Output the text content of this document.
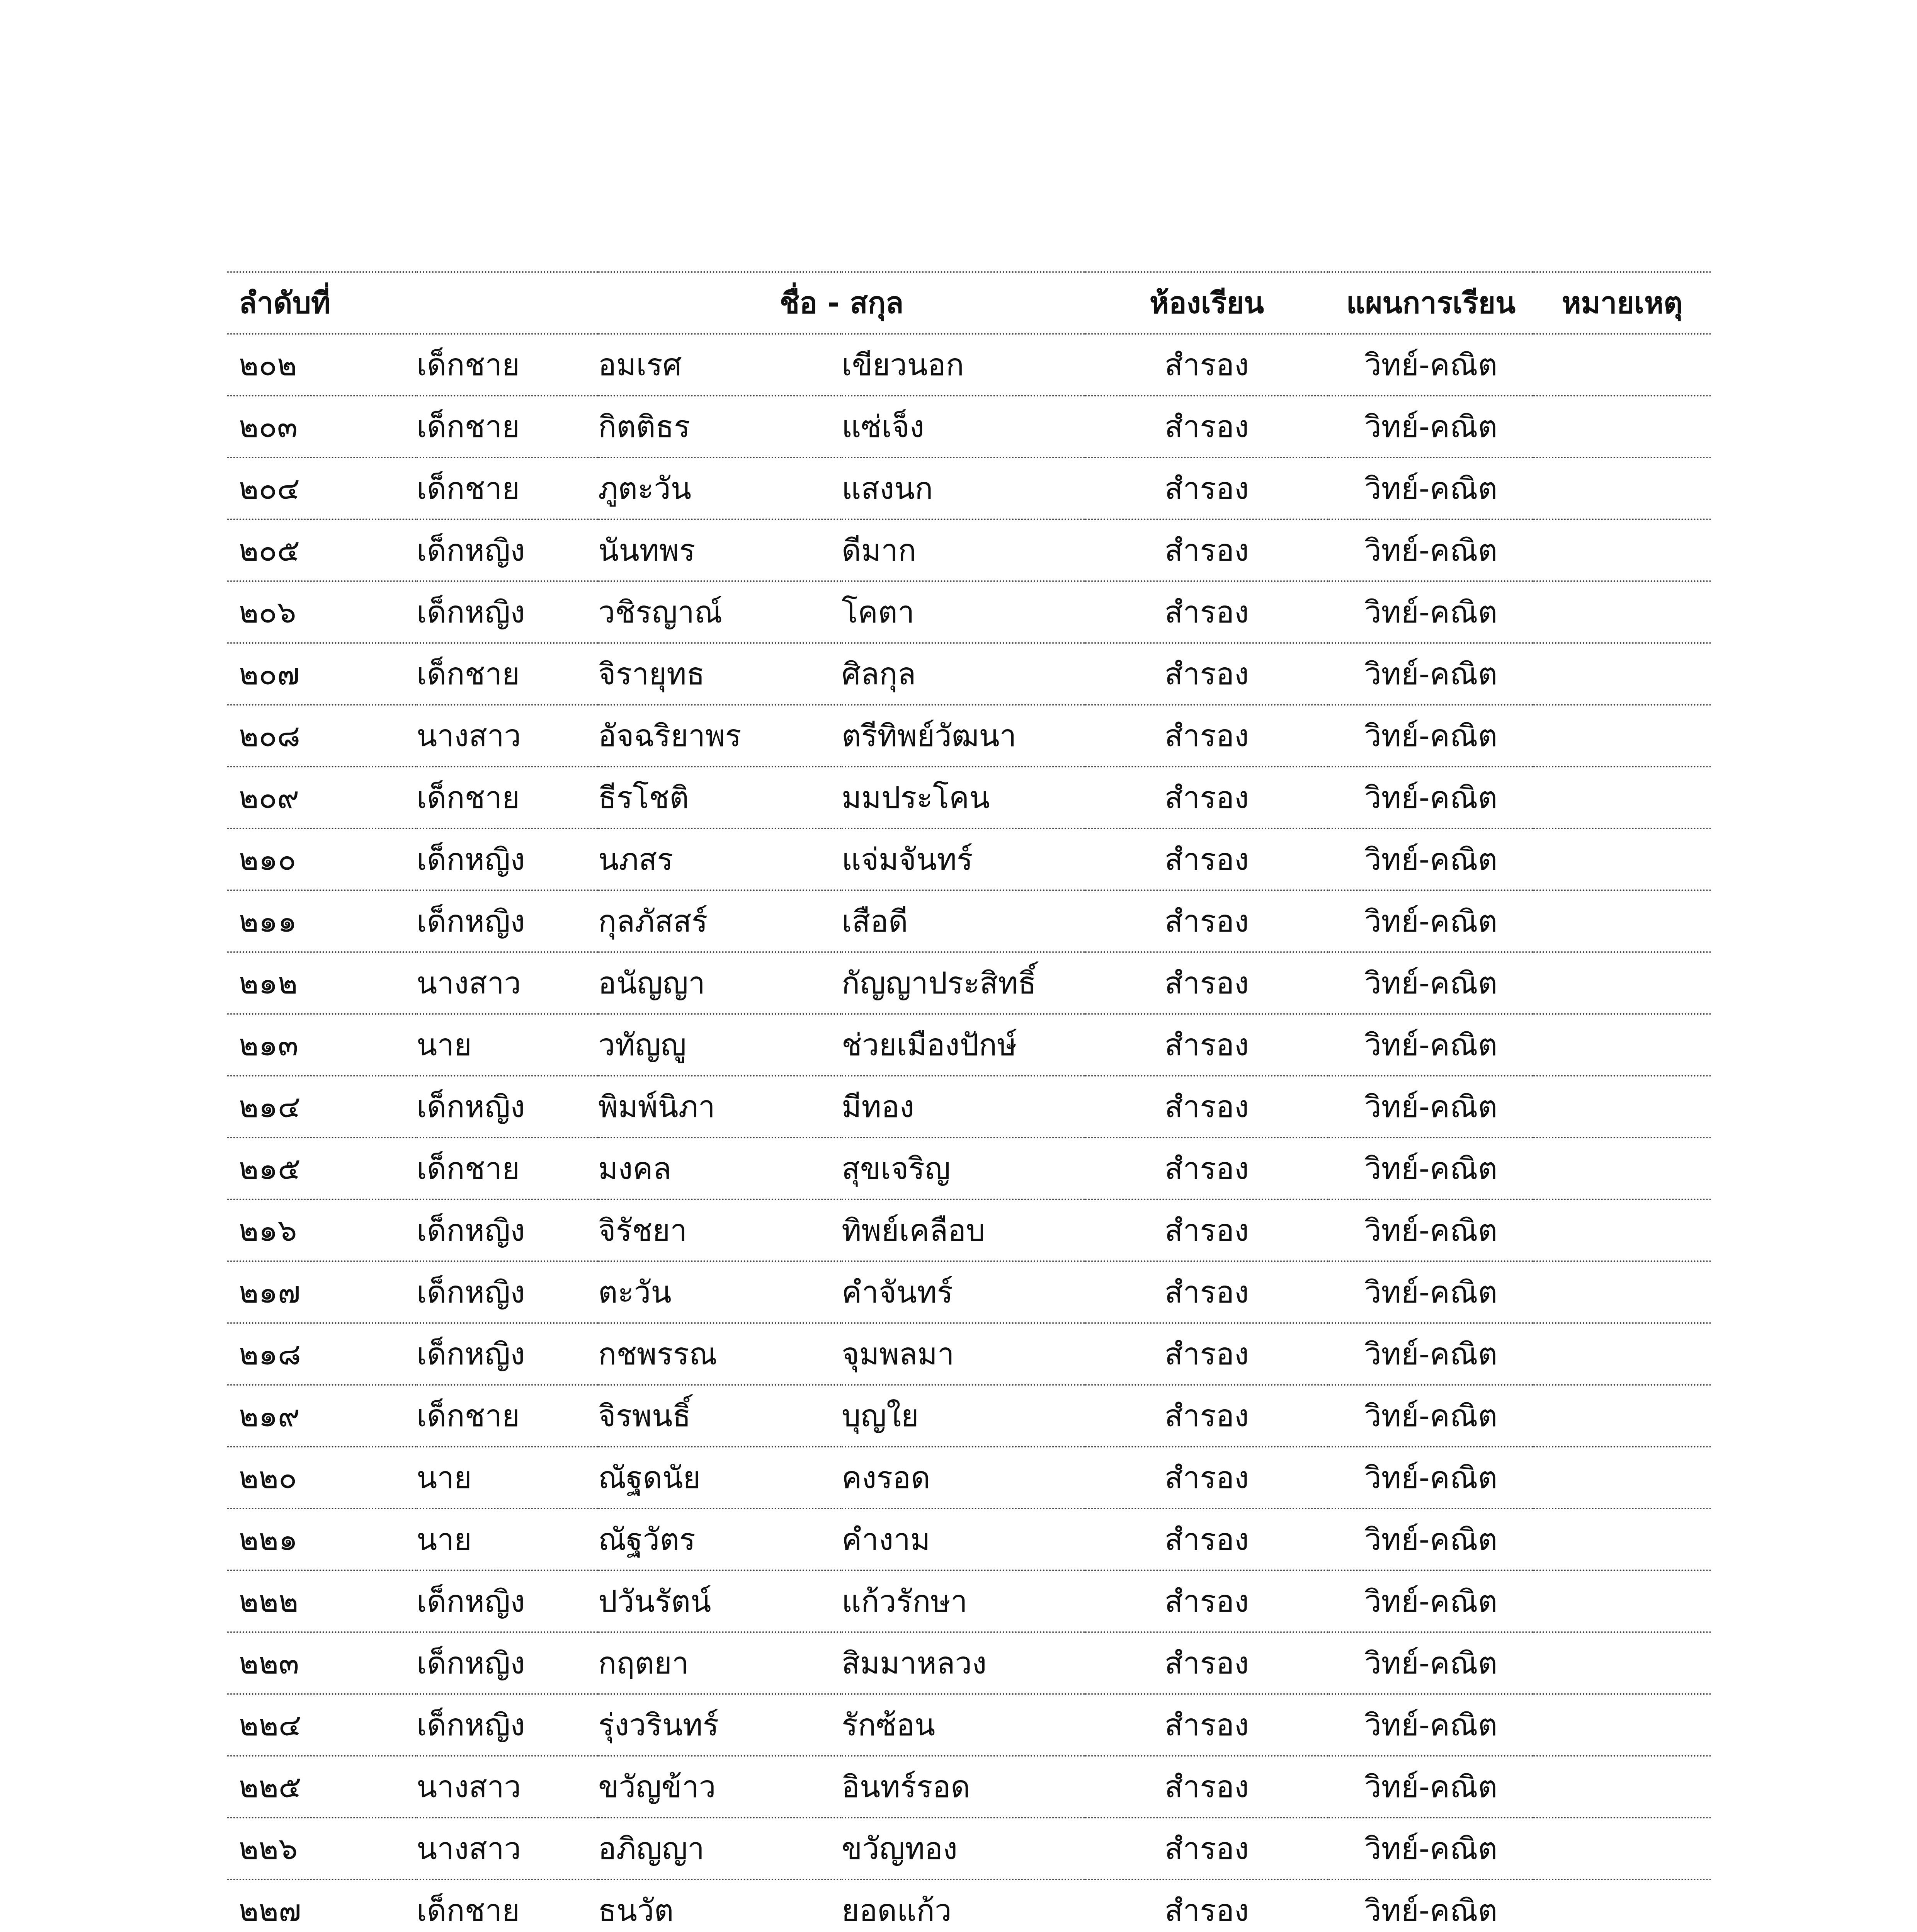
ลำดับที่		ชื่อ - สกุล		ห้องเรียน	แผนการเรียน	หมายเหตุ
๒๐๒	เด็กชาย	อมเรศ	เขียวนอก	สำรอง	วิทย์-คณิต	
๒๐๓	เด็กชาย	กิตติธร	แซ่เจ็ง	สำรอง	วิทย์-คณิต	
๒๐๔	เด็กชาย	ภูตะวัน	แสงนก	สำรอง	วิทย์-คณิต	
๒๐๕	เด็กหญิง	นันทพร	ดีมาก	สำรอง	วิทย์-คณิต	
๒๐๖	เด็กหญิง	วชิรญาณ์	โคตา	สำรอง	วิทย์-คณิต	
๒๐๗	เด็กชาย	จิรายุทธ	ศิลกุล	สำรอง	วิทย์-คณิต	
๒๐๘	นางสาว	อัจฉริยาพร	ตรีทิพย์วัฒนา	สำรอง	วิทย์-คณิต	
๒๐๙	เด็กชาย	ธีรโชติ	มมประโคน	สำรอง	วิทย์-คณิต	
๒๑๐	เด็กหญิง	นภสร	แจ่มจันทร์	สำรอง	วิทย์-คณิต	
๒๑๑	เด็กหญิง	กุลภัสสร์	เสือดี	สำรอง	วิทย์-คณิต	
๒๑๒	นางสาว	อนัญญา	กัญญาประสิทธิ์	สำรอง	วิทย์-คณิต	
๒๑๓	นาย	วทัญญู	ช่วยเมืองปักษ์	สำรอง	วิทย์-คณิต	
๒๑๔	เด็กหญิง	พิมพ์นิภา	มีทอง	สำรอง	วิทย์-คณิต	
๒๑๕	เด็กชาย	มงคล	สุขเจริญ	สำรอง	วิทย์-คณิต	
๒๑๖	เด็กหญิง	จิรัชยา	ทิพย์เคลือบ	สำรอง	วิทย์-คณิต	
๒๑๗	เด็กหญิง	ตะวัน	คำจันทร์	สำรอง	วิทย์-คณิต	
๒๑๘	เด็กหญิง	กชพรรณ	จุมพลมา	สำรอง	วิทย์-คณิต	
๒๑๙	เด็กชาย	จิรพนธิ์	บุญใย	สำรอง	วิทย์-คณิต	
๒๒๐	นาย	ณัฐดนัย	คงรอด	สำรอง	วิทย์-คณิต	
๒๒๑	นาย	ณัฐวัตร	คำงาม	สำรอง	วิทย์-คณิต	
๒๒๒	เด็กหญิง	ปวันรัตน์	แก้วรักษา	สำรอง	วิทย์-คณิต	
๒๒๓	เด็กหญิง	กฤตยา	สิมมาหลวง	สำรอง	วิทย์-คณิต	
๒๒๔	เด็กหญิง	รุ่งวรินทร์	รักซ้อน	สำรอง	วิทย์-คณิต	
๒๒๕	นางสาว	ขวัญข้าว	อินทร์รอด	สำรอง	วิทย์-คณิต	
๒๒๖	นางสาว	อภิญญา	ขวัญทอง	สำรอง	วิทย์-คณิต	
๒๒๗	เด็กชาย	ธนวัต	ยอดแก้ว	สำรอง	วิทย์-คณิต	
